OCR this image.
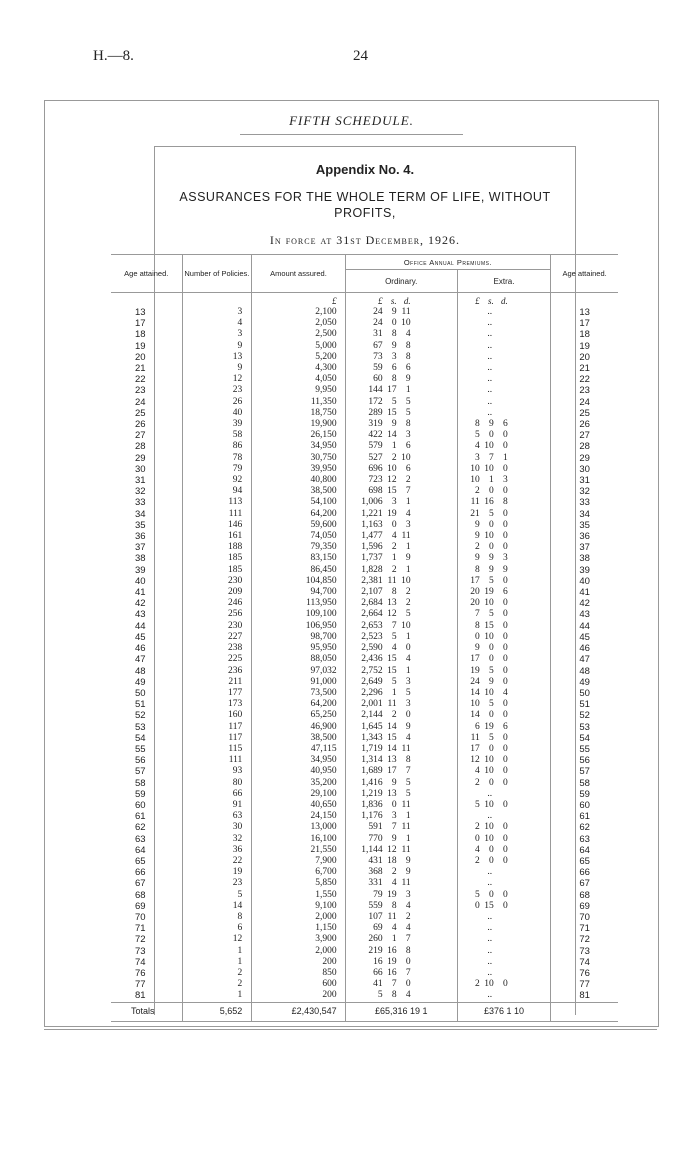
H.—8.	24
FIFTH SCHEDULE.
Appendix No. 4.
ASSURANCES FOR THE WHOLE TERM OF LIFE, WITHOUT PROFITS,
In force at 31st December, 1926.
Age attained.	Number of Policies.	Amount assured.	Office Annual Premiums.		Age attained.
			Ordinary.	Extra.	
		£	£ s. d.	£ s. d.	
13	3	2,100	24 9 11	..	13
17	4	2,050	24 0 10	..	17
18	3	2,500	31 8 4	..	18
19	9	5,000	67 9 8	..	19
20	13	5,200	73 3 8	..	20
21	9	4,300	59 6 6	..	21
22	12	4,050	60 8 9	..	22
23	23	9,950	144 17 1	..	23
24	26	11,350	172 5 5	..	24
25	40	18,750	289 15 5	..	25
26	39	19,900	319 9 8	8 9 6	26
27	58	26,150	422 14 3	5 0 0	27
28	86	34,950	579 1 6	4 10 0	28
29	78	30,750	527 2 10	3 7 1	29
30	79	39,950	696 10 6	10 10 0	30
31	92	40,800	723 12 2	10 1 3	31
32	94	38,500	698 15 7	2 0 0	32
33	113	54,100	1,006 3 1	11 16 8	33
34	111	64,200	1,221 19 4	21 5 0	34
35	146	59,600	1,163 0 3	9 0 0	35
36	161	74,050	1,477 4 11	9 10 0	36
37	188	79,350	1,596 2 1	2 0 0	37
38	185	83,150	1,737 1 9	9 9 3	38
39	185	86,450	1,828 2 1	8 9 9	39
40	230	104,850	2,381 11 10	17 5 0	40
41	209	94,700	2,107 8 2	20 19 6	41
42	246	113,950	2,684 13 2	20 10 0	42
43	256	109,100	2,664 12 5	7 5 0	43
44	230	106,950	2,653 7 10	8 15 0	44
45	227	98,700	2,523 5 1	0 10 0	45
46	238	95,950	2,590 4 0	9 0 0	46
47	225	88,050	2,436 15 4	17 0 0	47
48	236	97,032	2,752 15 1	19 5 0	48
49	211	91,000	2,649 5 3	24 9 0	49
50	177	73,500	2,296 1 5	14 10 4	50
51	173	64,200	2,001 11 3	10 5 0	51
52	160	65,250	2,144 2 0	14 0 0	52
53	117	46,900	1,645 14 9	6 19 6	53
54	117	38,500	1,343 15 4	11 5 0	54
55	115	47,115	1,719 14 11	17 0 0	55
56	111	34,950	1,314 13 8	12 10 0	56
57	93	40,950	1,689 17 7	4 10 0	57
58	80	35,200	1,416 9 5	2 0 0	58
59	66	29,100	1,219 13 5	..	59
60	91	40,650	1,836 0 11	5 10 0	60
61	63	24,150	1,176 3 1	..	61
62	30	13,000	591 7 11	2 10 0	62
63	32	16,100	770 9 1	0 10 0	63
64	36	21,550	1,144 12 11	4 0 0	64
65	22	7,900	431 18 9	2 0 0	65
66	19	6,700	368 2 9	..	66
67	23	5,850	331 4 11	..	67
68	5	1,550	79 19 3	5 0 0	68
69	14	9,100	559 8 4	0 15 0	69
70	8	2,000	107 11 2	..	70
71	6	1,150	69 4 4	..	71
72	12	3,900	260 1 7	..	72
73	1	2,000	219 16 8	..	73
74	1	200	16 19 0	..	74
76	2	850	66 16 7	..	76
77	2	600	41 7 0	2 10 0	77
81	1	200	5 8 4	..	81
Totals	5,652	£2,430,547	£65,316 19 1	£376 1 10	
